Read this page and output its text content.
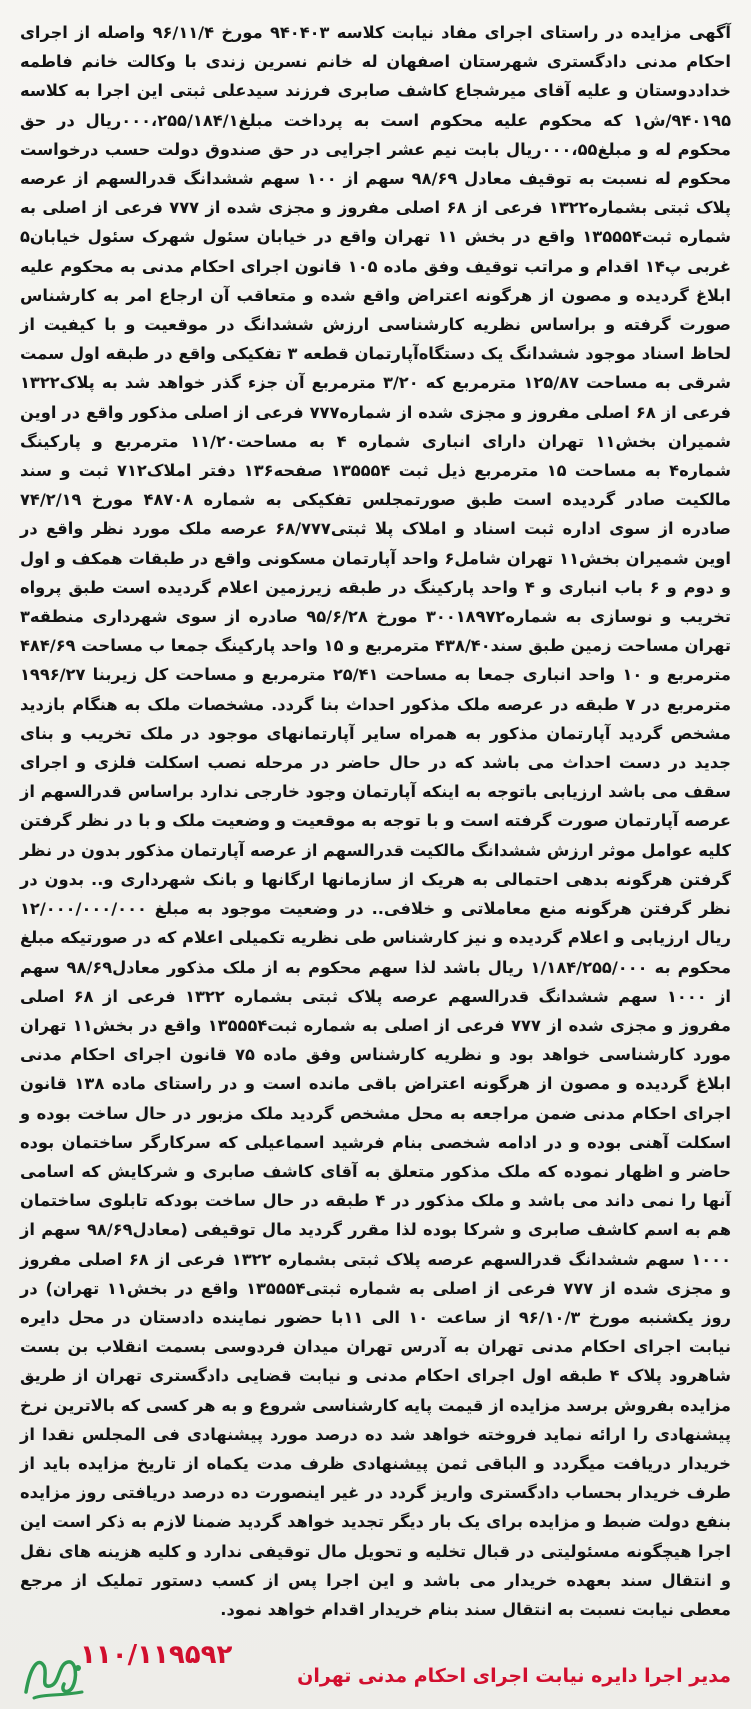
آگهی مزایده در راستای اجرای مفاد نیابت کلاسه ۹۴۰۴۰۳ مورخ ۹۶/۱۱/۴ واصله از اجرای احکام مدنی دادگستری شهرستان اصفهان له خانم نسرین زندی با وکالت خانم فاطمه خداددوستان و علیه آقای میرشجاع کاشف صابری فرزند سیدعلی ثبتی این اجرا به کلاسه ۹۴۰۱۹۵/ش۱ که محکوم علیه محکوم است به پرداخت مبلغ۰۰۰،۲۵۵/۱۸۴/۱ریال در حق محکوم له و مبلغ۰۰۰،۵۵ریال بابت نیم عشر اجرایی در حق صندوق دولت حسب درخواست محکوم له نسبت به توقیف معادل ۹۸/۶۹ سهم از ۱۰۰ سهم ششدانگ قدرالسهم از عرصه پلاک ثبتی بشماره۱۳۲۲ فرعی از ۶۸ اصلی مفروز و مجزی شده از ۷۷۷ فرعی از اصلی به شماره ثبت۱۳۵۵۵۴ واقع در بخش ۱۱ تهران واقع در خیابان سئول شهرک سئول خیابان۵ غربی پ۱۴ اقدام و مراتب توقیف وفق ماده ۱۰۵ قانون اجرای احکام مدنی به محکوم علیه ابلاغ گردیده و مصون از هرگونه اعتراض واقع شده و متعاقب آن ارجاع امر به کارشناس صورت گرفته و براساس نظریه کارشناسی ارزش ششدانگ در موقعیت و با کیفیت از لحاظ اسناد موجود ششدانگ یک دستگاه‌آپارتمان قطعه ۳ تفکیکی واقع در طبقه اول سمت شرقی به مساحت ۱۲۵/۸۷ مترمربع که ۳/۲۰ مترمربع آن جزء گذر خواهد شد به پلاک۱۳۲۲ فرعی از ۶۸ اصلی مفروز و مجزی شده از شماره۷۷۷ فرعی از اصلی مذکور واقع در اوین شمیران بخش۱۱ تهران دارای انباری شماره ۴ به مساحت۱۱/۲۰ مترمربع و پارکینگ شماره۴ به مساحت ۱۵ مترمربع ذیل ثبت ۱۳۵۵۵۴ صفحه۱۳۶ دفتر املاک۷۱۲ ثبت و سند مالکیت صادر گردیده است طبق صورتمجلس تفکیکی به شماره ۴۸۷۰۸ مورخ ۷۴/۲/۱۹ صادره از سوی اداره ثبت اسناد و املاک پلا ثبتی۶۸/۷۷۷ عرصه ملک مورد نظر واقع در اوین شمیران بخش۱۱ تهران شامل۶ واحد آپارتمان مسکونی واقع در طبقات همکف و اول و دوم و ۶ باب انباری و ۴ واحد پارکینگ در طبقه زیرزمین اعلام گردیده است طبق پرواه تخریب و نوسازی به شماره۳۰۰۱۸۹۷۲ مورخ ۹۵/۶/۲۸ صادره از سوی شهرداری منطقه۳ تهران مساحت زمین طبق سند۴۳۸/۴۰ مترمربع و ۱۵ واحد پارکینگ جمعا ب مساحت ۴۸۴/۶۹ مترمربع و ۱۰ واحد انباری جمعا به مساحت ۲۵/۴۱ مترمربع و مساحت کل زیربنا ۱۹۹۶/۲۷ مترمربع در ۷ طبقه در عرصه ملک مذکور احداث بنا گردد. مشخصات ملک به هنگام بازدید مشخص گردید آپارتمان مذکور به همراه سایر آپارتمانهای موجود در ملک تخریب و بنای جدید در دست احداث می باشد که در حال حاضر در مرحله نصب اسکلت فلزی و اجرای سقف می باشد ارزیابی باتوجه به اینکه آپارتمان وجود خارجی ندارد براساس قدرالسهم از عرصه آپارتمان صورت گرفته است و با توجه به موقعیت و وضعیت ملک و با در نظر گرفتن کلیه عوامل موثر ارزش ششدانگ مالکیت قدرالسهم از عرصه آپارتمان مذکور بدون در نظر گرفتن هرگونه بدهی احتمالی به هریک از سازمانها ارگانها و بانک شهرداری و.. بدون در نظر گرفتن هرگونه منع معاملاتی و خلافی.. در وضعیت موجود به مبلغ ۱۲/۰۰۰/۰۰۰/۰۰۰ ریال ارزیابی و اعلام گردیده و نیز کارشناس طی نظریه تکمیلی اعلام که در صورتیکه مبلغ محکوم به ۱/۱۸۴/۲۵۵/۰۰۰ ریال باشد لذا سهم محکوم به از ملک مذکور معادل۹۸/۶۹ سهم از ۱۰۰۰ سهم ششدانگ قدرالسهم عرصه پلاک ثبتی بشماره ۱۳۲۲ فرعی از ۶۸ اصلی مفروز و مجزی شده از ۷۷۷ فرعی از اصلی به شماره ثبت۱۳۵۵۵۴ واقع در بخش۱۱ تهران مورد کارشناسی خواهد بود و نظریه کارشناس وفق ماده ۷۵ قانون اجرای احکام مدنی ابلاغ گردیده و مصون از هرگونه اعتراض باقی مانده است و در راستای ماده ۱۳۸ قانون اجرای احکام مدنی ضمن مراجعه به محل مشخص گردید ملک مزبور در حال ساخت بوده و اسکلت آهنی بوده و در ادامه شخصی بنام فرشید اسماعیلی که سرکارگر ساختمان بوده حاضر و اظهار نموده که ملک مذکور متعلق به آقای کاشف صابری و شرکایش که اسامی آنها را نمی داند می باشد و ملک مذکور در ۴ طبقه در حال ساخت بودکه تابلوی ساختمان هم به اسم کاشف صابری و شرکا بوده لذا مقرر گردید مال توقیفی (معادل۹۸/۶۹ سهم از ۱۰۰۰ سهم ششدانگ قدرالسهم عرصه پلاک ثبتی بشماره ۱۳۲۲ فرعی از ۶۸ اصلی مفروز و مجزی شده از ۷۷۷ فرعی از اصلی به شماره ثبتی۱۳۵۵۵۴ واقع در بخش۱۱ تهران) در روز یکشنبه مورخ ۹۶/۱۰/۳ از ساعت ۱۰ الی ۱۱با حضور نماینده دادستان در محل دایره نیابت اجرای احکام مدنی تهران به آدرس تهران میدان فردوسی بسمت انقلاب بن بست شاهرود پلاک ۴ طبقه اول اجرای احکام مدنی و نیابت قضایی دادگستری تهران از طریق مزایده بفروش برسد مزایده از قیمت پایه کارشناسی شروع و به هر کسی که بالاترین نرخ پیشنهادی را ارائه نماید فروخته خواهد شد ده درصد مورد پیشنهادی فی المجلس نقدا از خریدار دریافت میگردد و الباقی ثمن پیشنهادی ظرف مدت یکماه از تاریخ مزایده باید از طرف خریدار بحساب دادگستری واریز گردد در غیر اینصورت ده درصد دریافتی روز مزایده بنفع دولت ضبط و مزایده برای یک بار دیگر تجدید خواهد گردید ضمنا لازم به ذکر است این اجرا هیچگونه مسئولیتی در قبال تخلیه و تحویل مال توقیفی ندارد و کلیه هزینه های نقل و انتقال سند بعهده خریدار می باشد و این اجرا پس از کسب دستور تملیک از مرجع معطی نیابت نسبت به انتقال سند بنام خریدار اقدام خواهد نمود.

۱۱۰/۱۱۹۵۹۲
مدیر اجرا دایره نیابت اجرای احکام مدنی تهران
